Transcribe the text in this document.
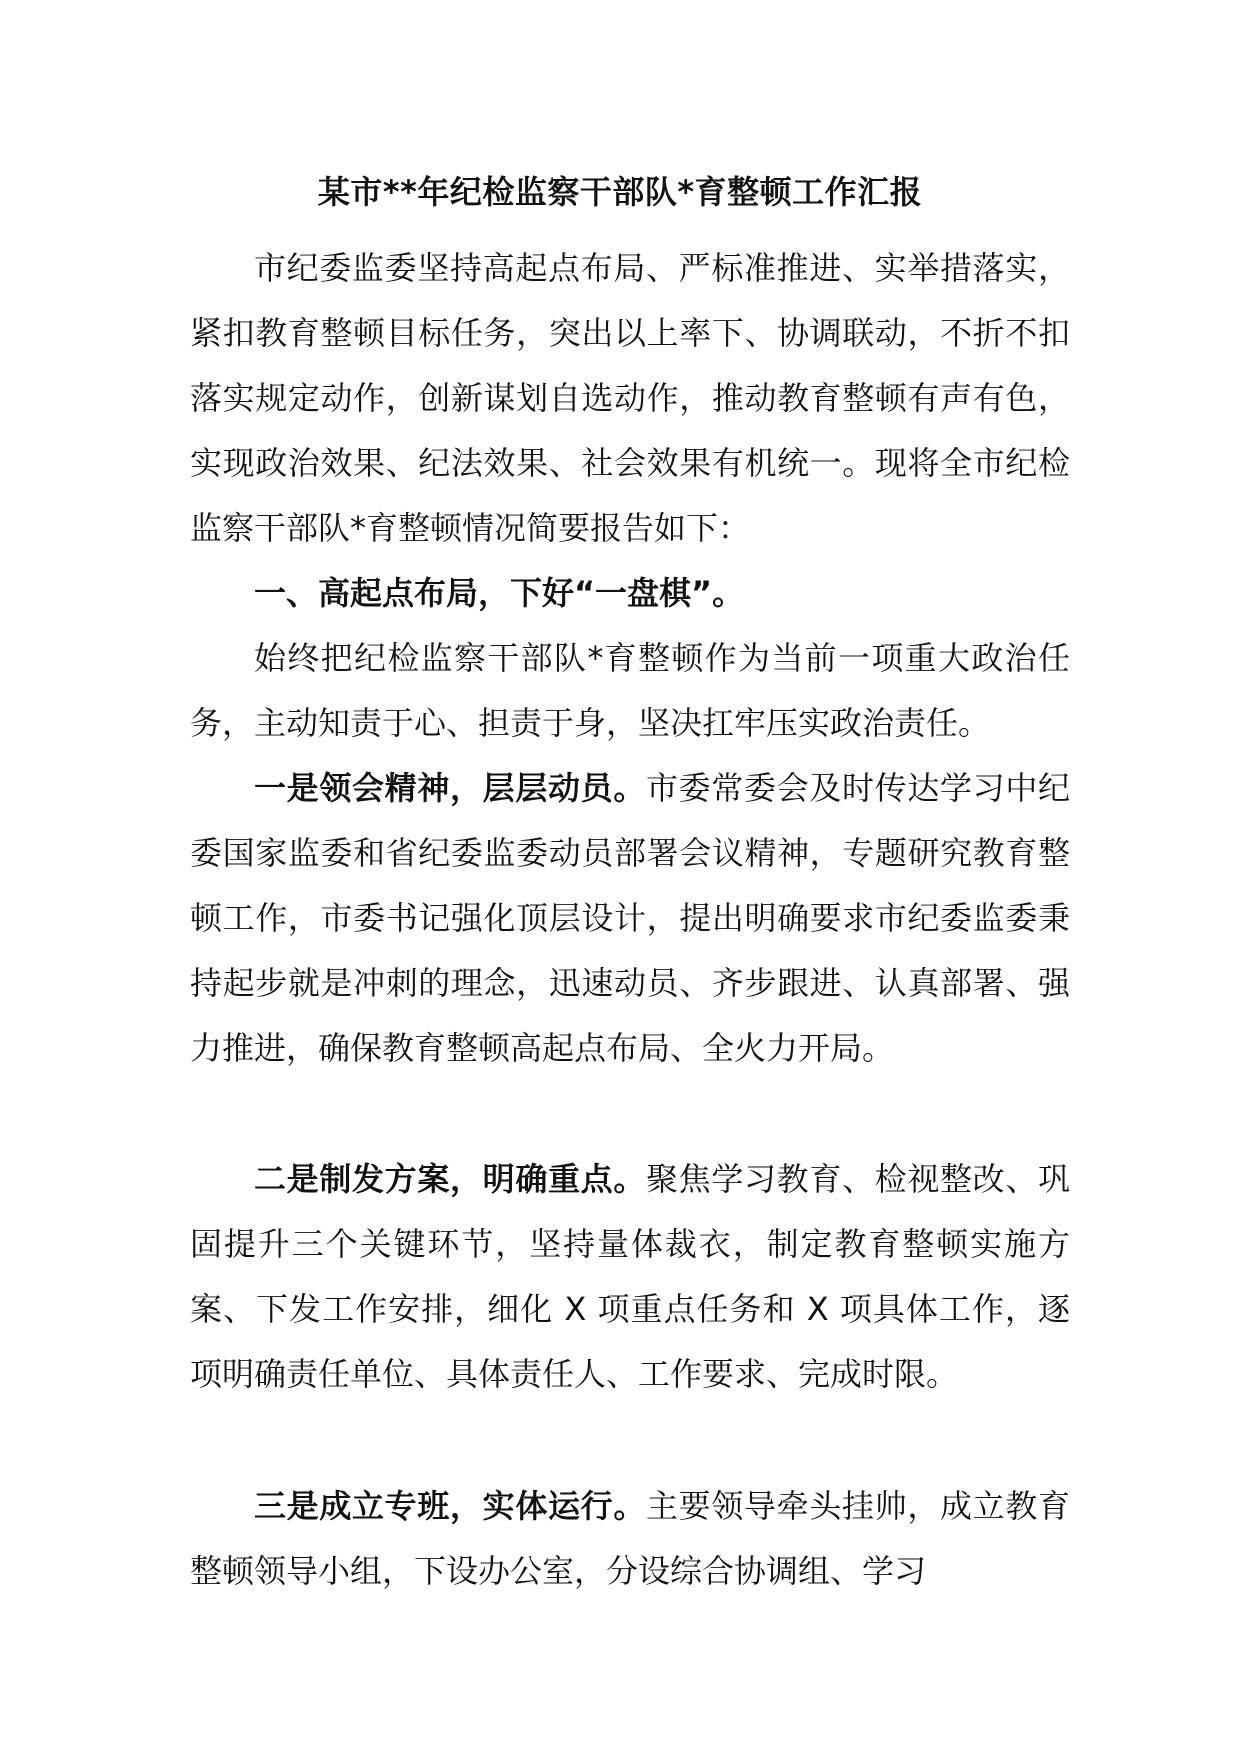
某市**年纪检监察干部队*育整顿工作汇报

市纪委监委坚持高起点布局、严标准推进、实举措落实，紧扣教育整顿目标任务，突出以上率下、协调联动，不折不扣落实规定动作，创新谋划自选动作，推动教育整顿有声有色，实现政治效果、纪法效果、社会效果有机统一。现将全市纪检监察干部队*育整顿情况简要报告如下：

一、高起点布局，下好“一盘棋”。

始终把纪检监察干部队*育整顿作为当前一项重大政治任务，主动知责于心、担责于身，坚决扛牢压实政治责任。

一是领会精神，层层动员。市委常委会及时传达学习中纪委国家监委和省纪委监委动员部署会议精神，专题研究教育整顿工作，市委书记强化顶层设计，提出明确要求市纪委监委秉持起步就是冲刺的理念，迅速动员、齐步跟进、认真部署、强力推进，确保教育整顿高起点布局、全火力开局。

二是制发方案，明确重点。聚焦学习教育、检视整改、巩固提升三个关键环节，坚持量体裁衣，制定教育整顿实施方案、下发工作安排，细化 X 项重点任务和 X 项具体工作，逐项明确责任单位、具体责任人、工作要求、完成时限。

三是成立专班，实体运行。主要领导牵头挂帅，成立教育整顿领导小组，下设办公室，分设综合协调组、学习
